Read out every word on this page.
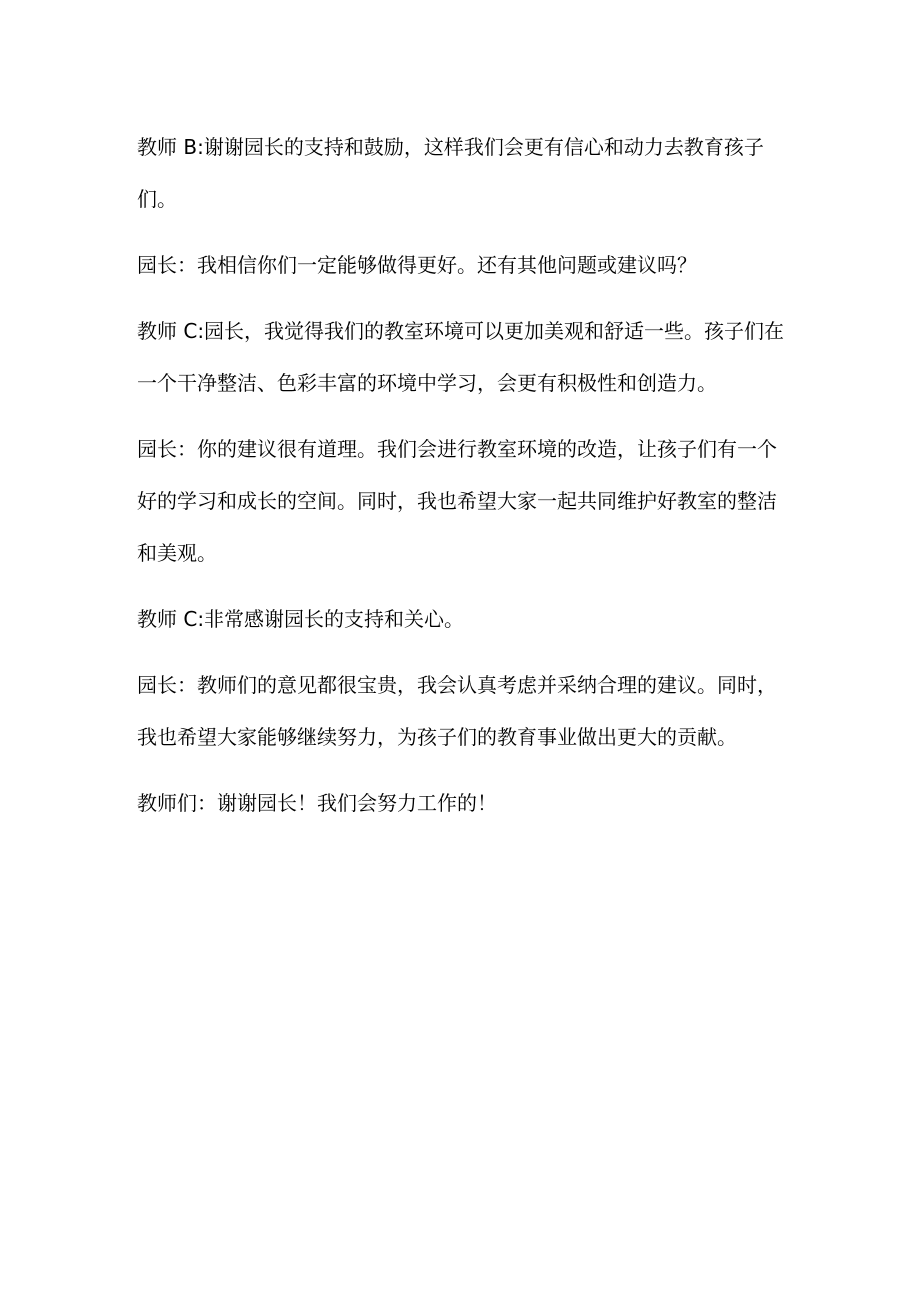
教师 B:谢谢园长的支持和鼓励，这样我们会更有信心和动力去教育孩子们。

园长：我相信你们一定能够做得更好。还有其他问题或建议吗？

教师 C:园长，我觉得我们的教室环境可以更加美观和舒适一些。孩子们在一个干净整洁、色彩丰富的环境中学习，会更有积极性和创造力。

园长：你的建议很有道理。我们会进行教室环境的改造，让孩子们有一个好的学习和成长的空间。同时，我也希望大家一起共同维护好教室的整洁和美观。

教师 C:非常感谢园长的支持和关心。

园长：教师们的意见都很宝贵，我会认真考虑并采纳合理的建议。同时，我也希望大家能够继续努力，为孩子们的教育事业做出更大的贡献。

教师们：谢谢园长！我们会努力工作的！
